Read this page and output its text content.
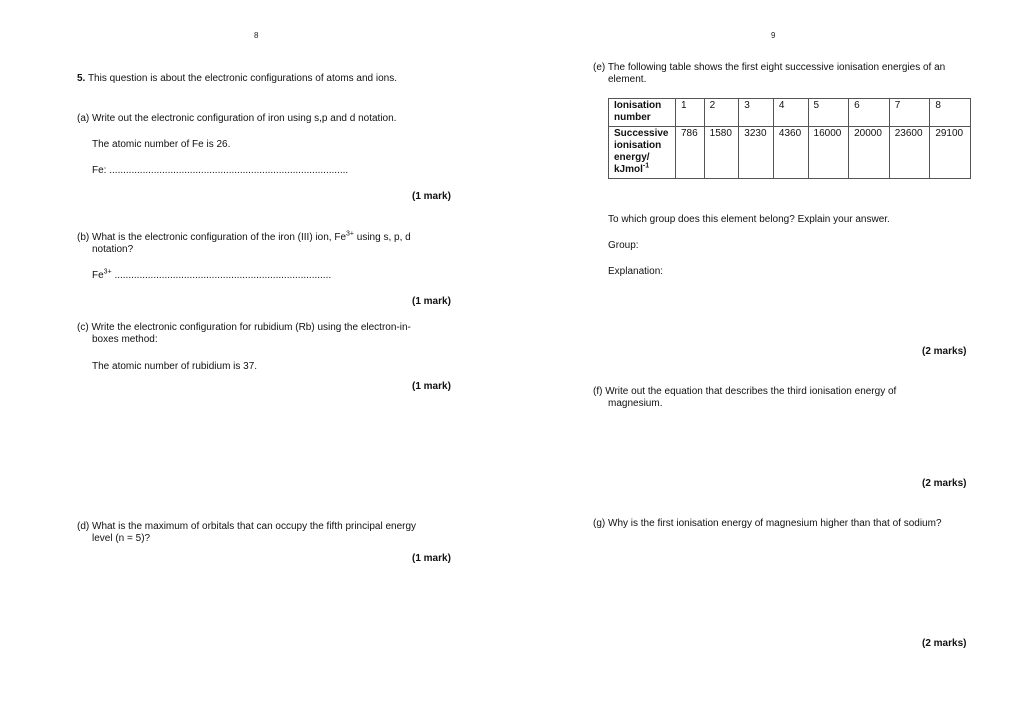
8
5. This question is about the electronic configurations of atoms and ions.
(a) Write out the electronic configuration of iron using s,p and d notation.
The atomic number of Fe is 26.
Fe: ......................................................................................
(1 mark)
(b) What is the electronic configuration of the iron (III) ion, $Fe^{3+}$ using s, p, d
notation?
$Fe^{3+}$ ..............................................................................
(1 mark)
(c) Write the electronic configuration for rubidium (Rb) using the electron-in-
boxes method:
The atomic number of rubidium is 37.
(1 mark)
(d) What is the maximum of orbitals that can occupy the fifth principal energy
level (n = 5)?
(1 mark)
9
(e) The following table shows the first eight successive ionisation energies of an
element.
Ionisation
number	1	2	3	4	5	6	7	8
Successive
ionisation
energy/
kJmol$^{-1}$	786	1580	3230	4360	16000	20000	23600	29100
To which group does this element belong? Explain your answer.
Group:
Explanation:
(2 marks)
(f) Write out the equation that describes the third ionisation energy of
magnesium.
(2 marks)
(g) Why is the first ionisation energy of magnesium higher than that of sodium?
(2 marks)
